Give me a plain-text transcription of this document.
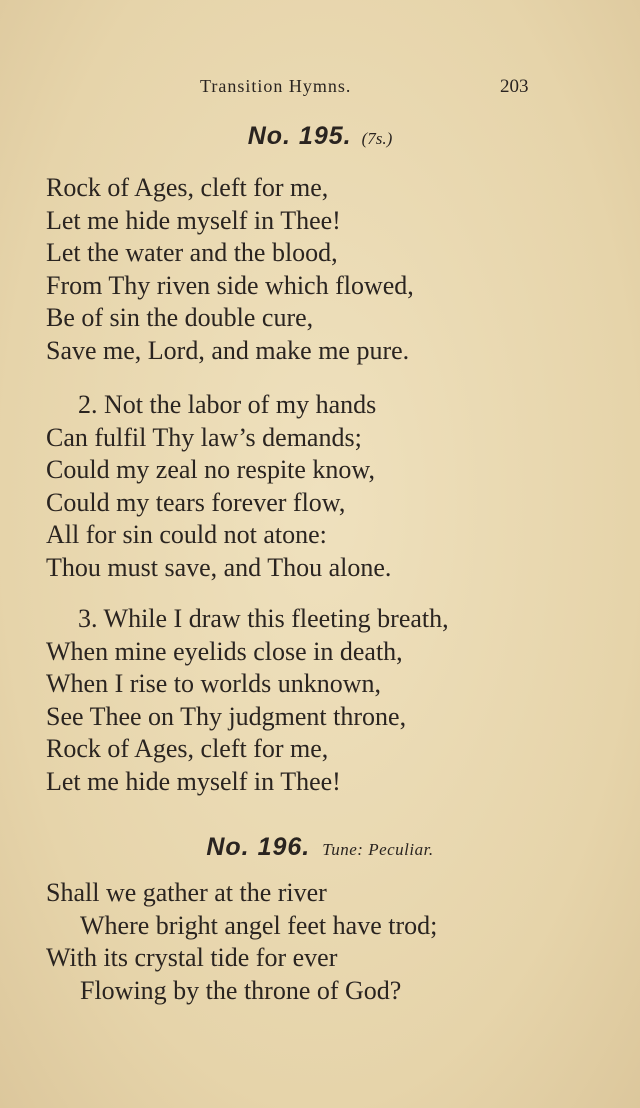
Transition Hymns.	203
No. 195. (7s.)
Rock of Ages, cleft for me,
Let me hide myself in Thee!
Let the water and the blood,
From Thy riven side which flowed,
Be of sin the double cure,
Save me, Lord, and make me pure.
2. Not the labor of my hands
Can fulfil Thy law’s demands;
Could my zeal no respite know,
Could my tears forever flow,
All for sin could not atone:
Thou must save, and Thou alone.
3. While I draw this fleeting breath,
When mine eyelids close in death,
When I rise to worlds unknown,
See Thee on Thy judgment throne,
Rock of Ages, cleft for me,
Let me hide myself in Thee!
No. 196. Tune: Peculiar.
Shall we gather at the river
Where bright angel feet have trod;
With its crystal tide for ever
Flowing by the throne of God?
